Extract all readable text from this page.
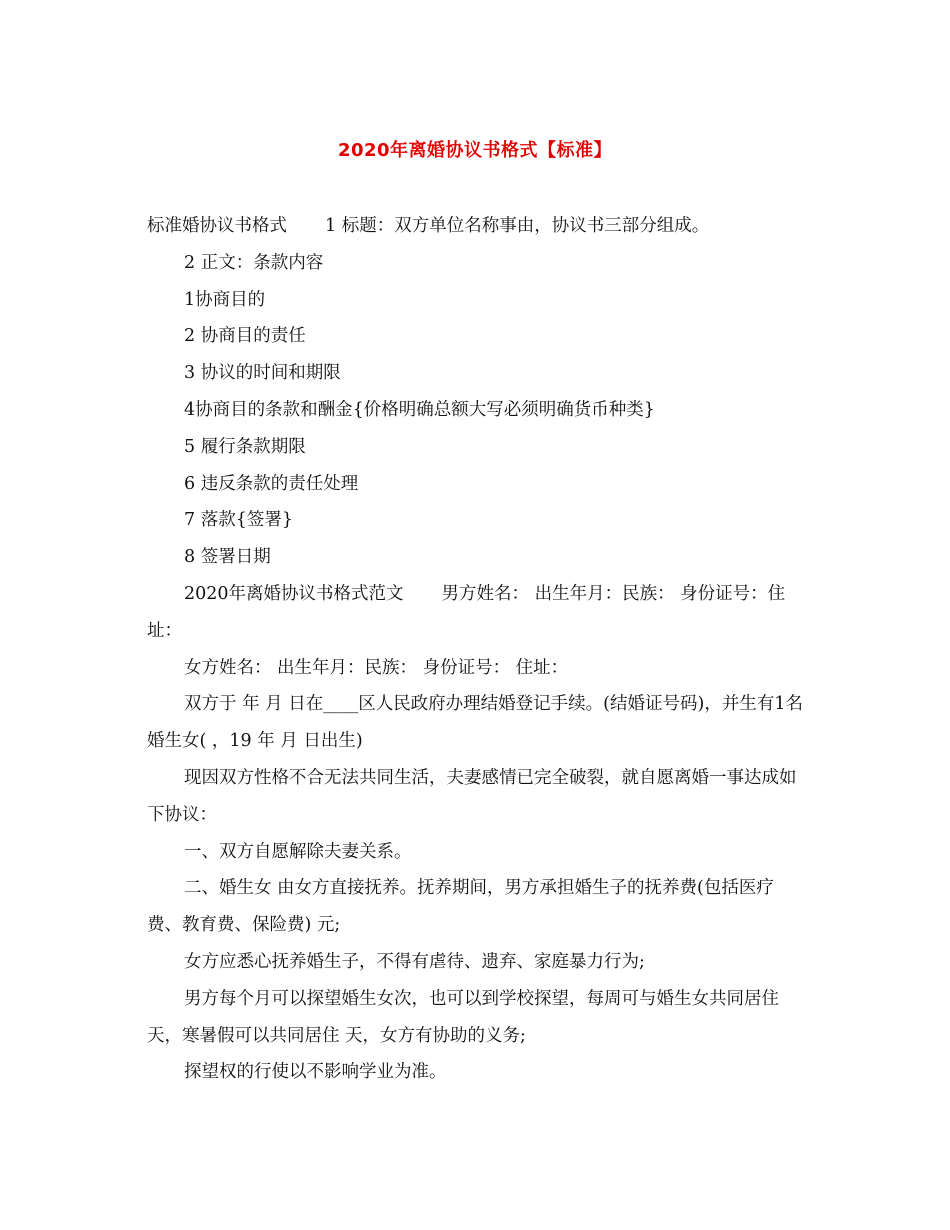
2020年离婚协议书格式【标准】

标准婚协议书格式 1 标题：双方单位名称事由，协议书三部分组成。

2 正文：条款内容

1协商目的

2 协商目的责任

3 协议的时间和期限

4协商目的条款和酬金{价格明确总额大写必须明确货币种类}

5 履行条款期限

6 违反条款的责任处理

7 落款{签署}

8 签署日期

2020年离婚协议书格式范文 男方姓名： 出生年月：民族： 身份证号：住址：

女方姓名： 出生年月：民族： 身份证号： 住址：

双方于 年 月 日在____区人民政府办理结婚登记手续。(结婚证号码)，并生有1名婚生女( ，19 年 月 日出生)

现因双方性格不合无法共同生活，夫妻感情已完全破裂，就自愿离婚一事达成如下协议：

一、双方自愿解除夫妻关系。

二、婚生女 由女方直接抚养。抚养期间，男方承担婚生子的抚养费(包括医疗费、教育费、保险费) 元;

女方应悉心抚养婚生子，不得有虐待、遗弃、家庭暴力行为;

男方每个月可以探望婚生女次，也可以到学校探望，每周可与婚生女共同居住 天，寒暑假可以共同居住 天，女方有协助的义务;

探望权的行使以不影响学业为准。
